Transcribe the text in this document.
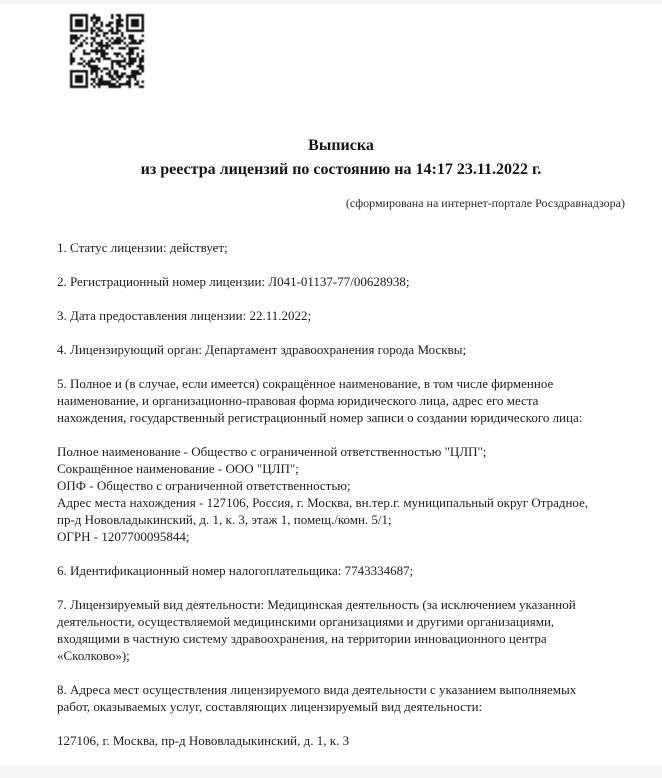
Выписка
из реестра лицензий по состоянию на 14:17 23.11.2022 г.
(сформирована на интернет-портале Росздравнадзора)

1. Статус лицензии: действует;

2. Регистрационный номер лицензии: Л041-01137-77/00628938;

3. Дата предоставления лицензии: 22.11.2022;

4. Лицензирующий орган: Департамент здравоохранения города Москвы;

5. Полное и (в случае, если имеется) сокращённое наименование, в том числе фирменное
наименование, и организационно-правовая форма юридического лица, адрес его места
нахождения, государственный регистрационный номер записи о создании юридического лица:

Полное наименование - Общество с ограниченной ответственностью "ЦЛП";
Сокращённое наименование - ООО "ЦЛП";
ОПФ - Общество с ограниченной ответственностью;
Адрес места нахождения - 127106, Россия, г. Москва, вн.тер.г. муниципальный округ Отрадное,
пр-д Нововладыкинский, д. 1, к. 3, этаж 1, помещ./комн. 5/1;
ОГРН - 1207700095844;

6. Идентификационный номер налогоплательщика: 7743334687;

7. Лицензируемый вид деятельности: Медицинская деятельность (за исключением указанной
деятельности, осуществляемой медицинскими организациями и другими организациями,
входящими в частную систему здравоохранения, на территории инновационного центра
«Сколково»);

8. Адреса мест осуществления лицензируемого вида деятельности с указанием выполняемых
работ, оказываемых услуг, составляющих лицензируемый вид деятельности:

127106, г. Москва, пр-д Нововладыкинский, д. 1, к. 3
